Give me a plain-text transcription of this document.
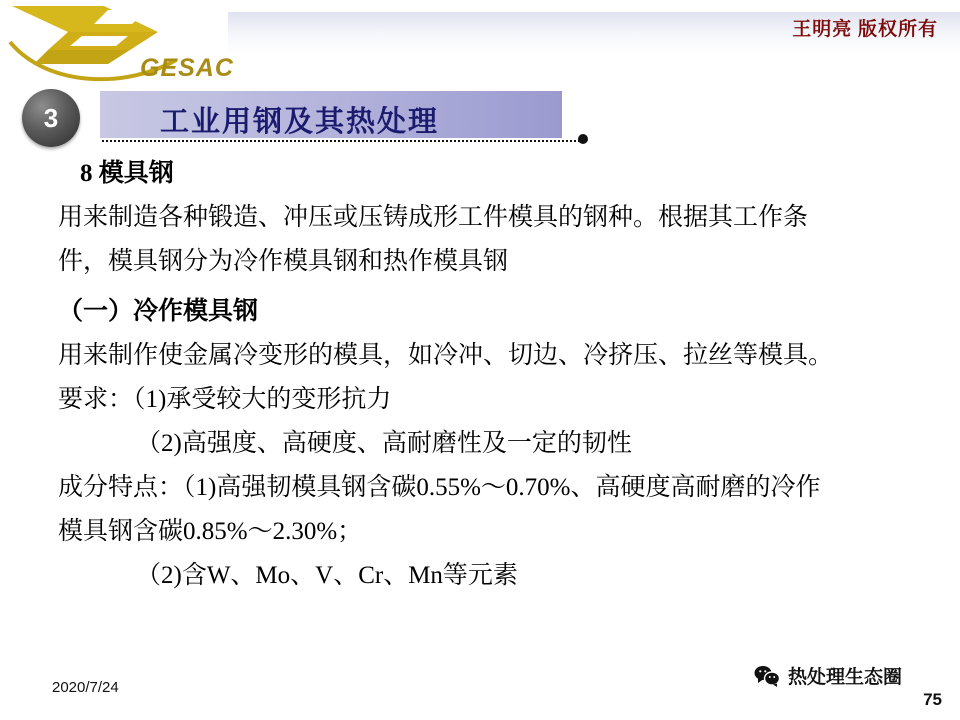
王明亮 版权所有
GESAC
3	工业用钢及其热处理
8 模具钢
用来制造各种锻造、冲压或压铸成形工件模具的钢种。根据其工作条
件，模具钢分为冷作模具钢和热作模具钢
（一）冷作模具钢
用来制作使金属冷变形的模具，如冷冲、切边、冷挤压、拉丝等模具。
要求：（1)承受较大的变形抗力
（2)高强度、高硬度、高耐磨性及一定的韧性
成分特点：（1)高强韧模具钢含碳0.55%～0.70%、高硬度高耐磨的冷作
模具钢含碳0.85%～2.30%；
（2)含W、Mo、V、Cr、Mn等元素
2020/7/24
75
热处理生态圈
